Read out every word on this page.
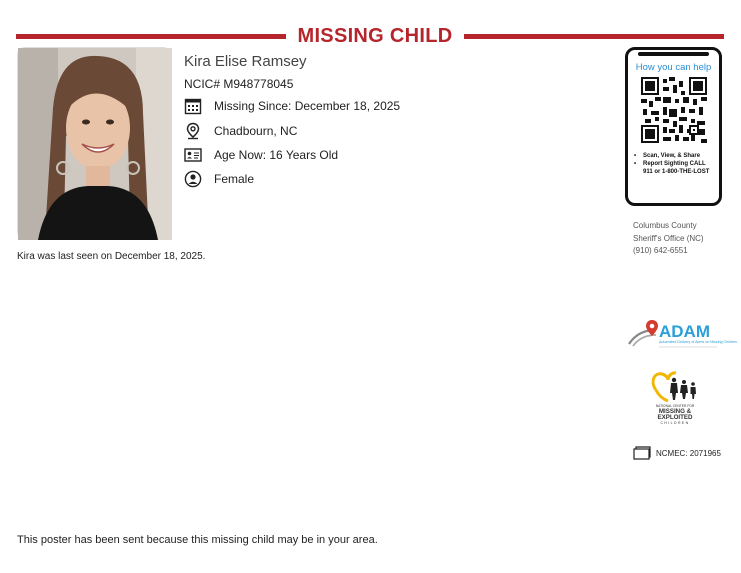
MISSING CHILD
Kira Elise Ramsey
NCIC# M948778045
Missing Since: December 18, 2025
Chadbourn, NC
Age Now: 16 Years Old
Female
Kira was last seen on December 18, 2025.
How you can help
• Scan, View, & Share
• Report Sighting CALL 911 or 1-800-THE-LOST
Columbus County
Sheriff's Office (NC)
(910) 642-6551
ADAM
Automated Delivery of Alerts on Missing Children
NATIONAL CENTER FOR
MISSING &
EXPLOITED
CHILDREN
NCMEC: 2071965
This poster has been sent because this missing child may be in your area.
